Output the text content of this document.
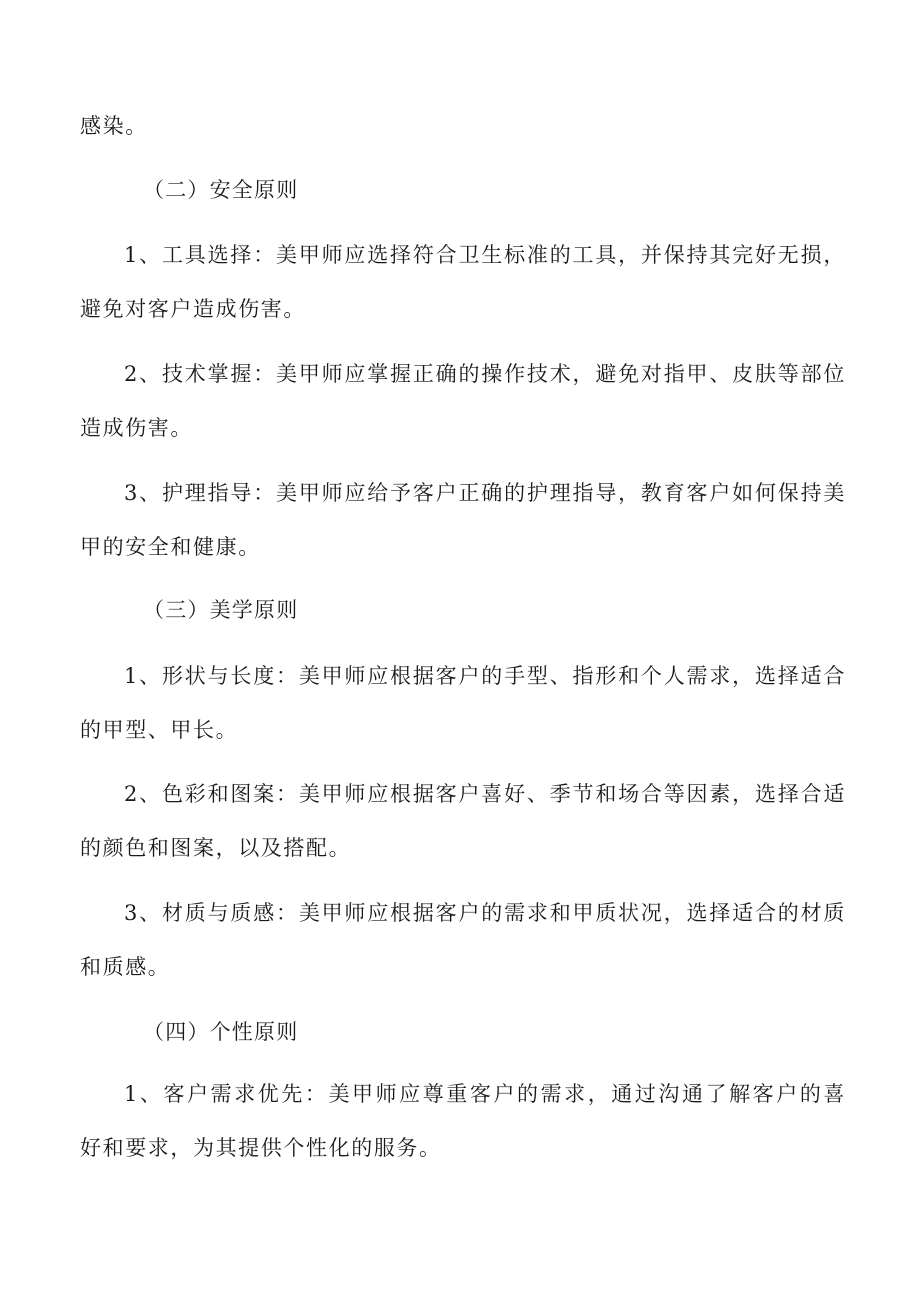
感染。
（二）安全原则
1、工具选择：美甲师应选择符合卫生标准的工具，并保持其完好无损，
避免对客户造成伤害。
2、技术掌握：美甲师应掌握正确的操作技术，避免对指甲、皮肤等部位
造成伤害。
3、护理指导：美甲师应给予客户正确的护理指导，教育客户如何保持美
甲的安全和健康。
（三）美学原则
1、形状与长度：美甲师应根据客户的手型、指形和个人需求，选择适合
的甲型、甲长。
2、色彩和图案：美甲师应根据客户喜好、季节和场合等因素，选择合适
的颜色和图案，以及搭配。
3、材质与质感：美甲师应根据客户的需求和甲质状况，选择适合的材质
和质感。
（四）个性原则
1、客户需求优先：美甲师应尊重客户的需求，通过沟通了解客户的喜
好和要求，为其提供个性化的服务。
